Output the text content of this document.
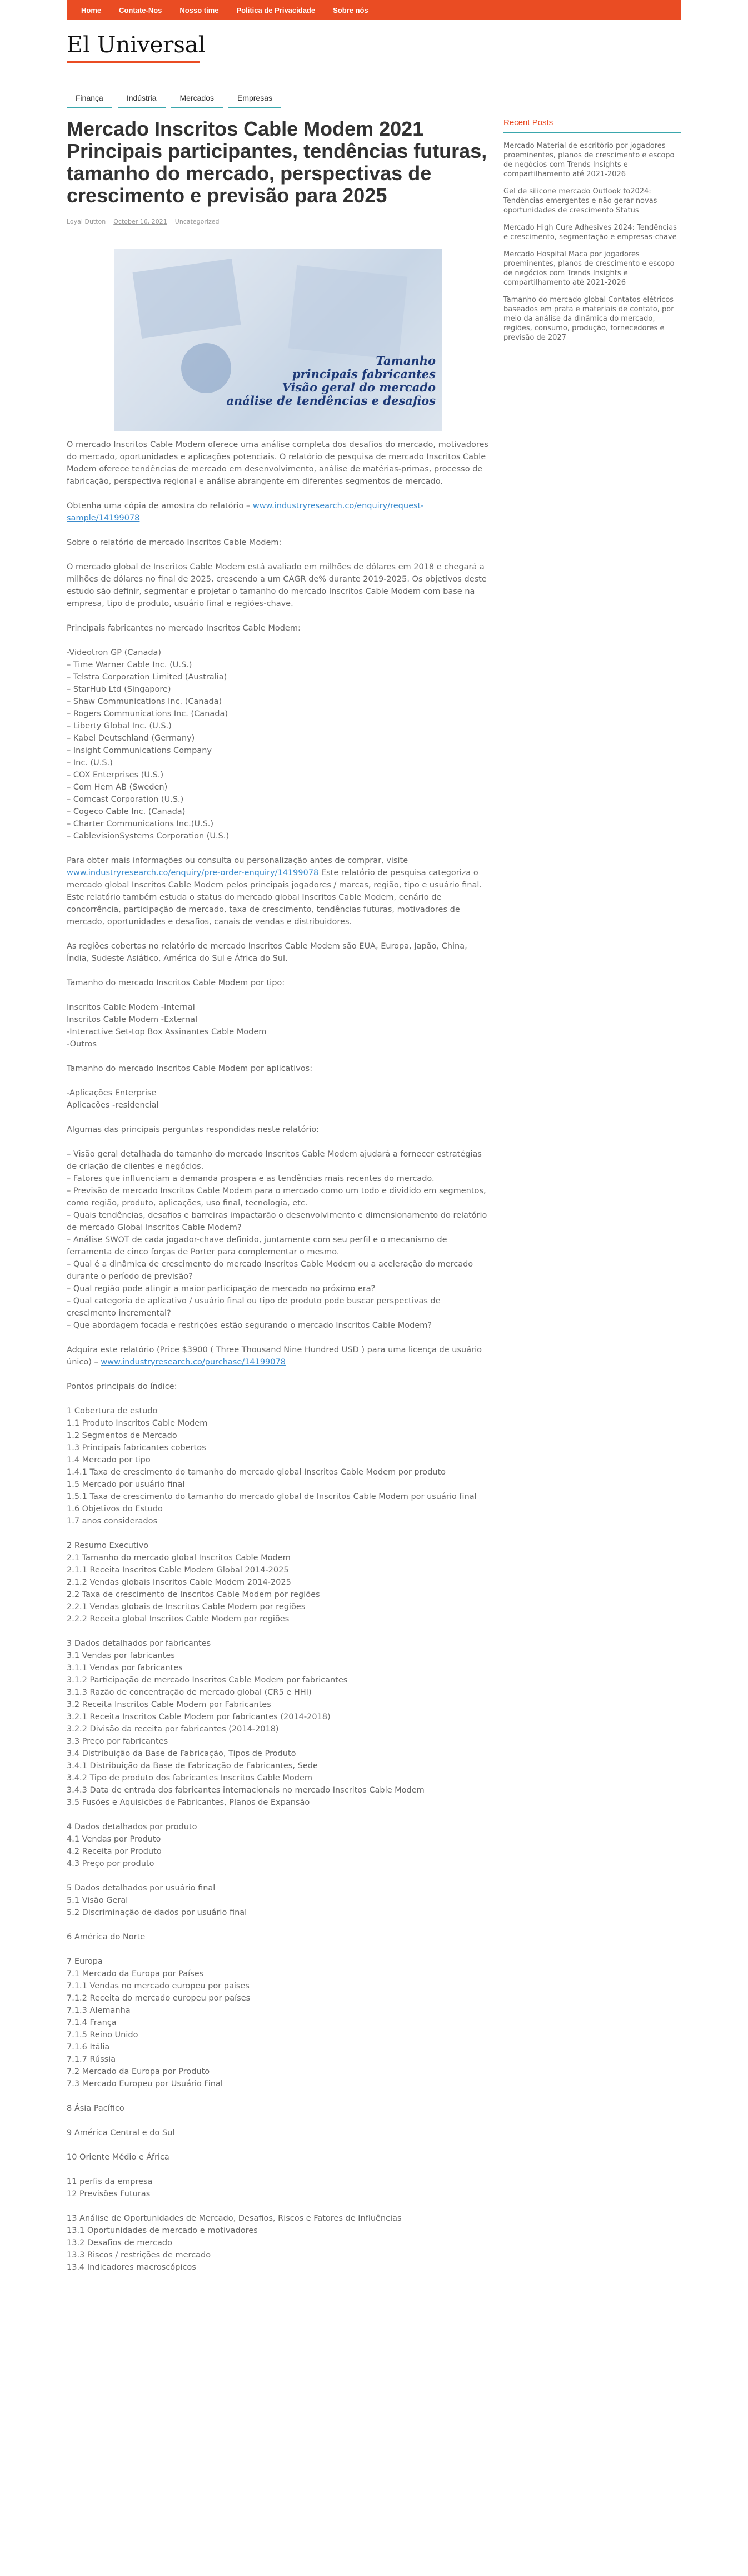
Home	Contate-Nos	Nosso time	Politica de Privacidade	Sobre nós
El Universal
Finança	Indústria	Mercados	Empresas
Mercado Inscritos Cable Modem 2021 Principais participantes, tendências futuras, tamanho do mercado, perspectivas de crescimento e previsão para 2025
Loyal Dutton October 16, 2021 Uncategorized
Tamanho
principais fabricantes
Visão geral do mercado
análise de tendências e desafios

O mercado Inscritos Cable Modem oferece uma análise completa dos desafios do mercado, motivadores do mercado, oportunidades e aplicações potenciais. O relatório de pesquisa de mercado Inscritos Cable Modem oferece tendências de mercado em desenvolvimento, análise de matérias-primas, processo de fabricação, perspectiva regional e análise abrangente em diferentes segmentos de mercado.

Obtenha uma cópia de amostra do relatório – www.industryresearch.co/enquiry/request-sample/14199078

Sobre o relatório de mercado Inscritos Cable Modem:

O mercado global de Inscritos Cable Modem está avaliado em milhões de dólares em 2018 e chegará a milhões de dólares no final de 2025, crescendo a um CAGR de% durante 2019-2025. Os objetivos deste estudo são definir, segmentar e projetar o tamanho do mercado Inscritos Cable Modem com base na empresa, tipo de produto, usuário final e regiões-chave.

Principais fabricantes no mercado Inscritos Cable Modem:

-Videotron GP (Canada)
– Time Warner Cable Inc. (U.S.)
– Telstra Corporation Limited (Australia)
– StarHub Ltd (Singapore)
– Shaw Communications Inc. (Canada)
– Rogers Communications Inc. (Canada)
– Liberty Global Inc. (U.S.)
– Kabel Deutschland (Germany)
– Insight Communications Company
– Inc. (U.S.)
– COX Enterprises (U.S.)
– Com Hem AB (Sweden)
– Comcast Corporation (U.S.)
– Cogeco Cable Inc. (Canada)
– Charter Communications Inc.(U.S.)
– CablevisionSystems Corporation (U.S.)

Para obter mais informações ou consulta ou personalização antes de comprar, visite www.industryresearch.co/enquiry/pre-order-enquiry/14199078 Este relatório de pesquisa categoriza o mercado global Inscritos Cable Modem pelos principais jogadores / marcas, região, tipo e usuário final. Este relatório também estuda o status do mercado global Inscritos Cable Modem, cenário de concorrência, participação de mercado, taxa de crescimento, tendências futuras, motivadores de mercado, oportunidades e desafios, canais de vendas e distribuidores.

As regiões cobertas no relatório de mercado Inscritos Cable Modem são EUA, Europa, Japão, China, Índia, Sudeste Asiático, América do Sul e África do Sul.

Tamanho do mercado Inscritos Cable Modem por tipo:

Inscritos Cable Modem -Internal
Inscritos Cable Modem -External
-Interactive Set-top Box Assinantes Cable Modem
-Outros

Tamanho do mercado Inscritos Cable Modem por aplicativos:

-Aplicações Enterprise
Aplicações -residencial

Algumas das principais perguntas respondidas neste relatório:

– Visão geral detalhada do tamanho do mercado Inscritos Cable Modem ajudará a fornecer estratégias de criação de clientes e negócios.
– Fatores que influenciam a demanda prospera e as tendências mais recentes do mercado.
– Previsão de mercado Inscritos Cable Modem para o mercado como um todo e dividido em segmentos, como região, produto, aplicações, uso final, tecnologia, etc.
– Quais tendências, desafios e barreiras impactarão o desenvolvimento e dimensionamento do relatório de mercado Global Inscritos Cable Modem?
– Análise SWOT de cada jogador-chave definido, juntamente com seu perfil e o mecanismo de ferramenta de cinco forças de Porter para complementar o mesmo.
– Qual é a dinâmica de crescimento do mercado Inscritos Cable Modem ou a aceleração do mercado durante o período de previsão?
– Qual região pode atingir a maior participação de mercado no próximo era?
– Qual categoria de aplicativo / usuário final ou tipo de produto pode buscar perspectivas de crescimento incremental?
– Que abordagem focada e restrições estão segurando o mercado Inscritos Cable Modem?

Adquira este relatório (Price $3900 ( Three Thousand Nine Hundred USD ) para uma licença de usuário único) – www.industryresearch.co/purchase/14199078

Pontos principais do índice:

1 Cobertura de estudo
1.1 Produto Inscritos Cable Modem
1.2 Segmentos de Mercado
1.3 Principais fabricantes cobertos
1.4 Mercado por tipo
1.4.1 Taxa de crescimento do tamanho do mercado global Inscritos Cable Modem por produto
1.5 Mercado por usuário final
1.5.1 Taxa de crescimento do tamanho do mercado global de Inscritos Cable Modem por usuário final
1.6 Objetivos do Estudo
1.7 anos considerados

2 Resumo Executivo
2.1 Tamanho do mercado global Inscritos Cable Modem
2.1.1 Receita Inscritos Cable Modem Global 2014-2025
2.1.2 Vendas globais Inscritos Cable Modem 2014-2025
2.2 Taxa de crescimento de Inscritos Cable Modem por regiões
2.2.1 Vendas globais de Inscritos Cable Modem por regiões
2.2.2 Receita global Inscritos Cable Modem por regiões

3 Dados detalhados por fabricantes
3.1 Vendas por fabricantes
3.1.1 Vendas por fabricantes
3.1.2 Participação de mercado Inscritos Cable Modem por fabricantes
3.1.3 Razão de concentração de mercado global (CR5 e HHI)
3.2 Receita Inscritos Cable Modem por Fabricantes
3.2.1 Receita Inscritos Cable Modem por fabricantes (2014-2018)
3.2.2 Divisão da receita por fabricantes (2014-2018)
3.3 Preço por fabricantes
3.4 Distribuição da Base de Fabricação, Tipos de Produto
3.4.1 Distribuição da Base de Fabricação de Fabricantes, Sede
3.4.2 Tipo de produto dos fabricantes Inscritos Cable Modem
3.4.3 Data de entrada dos fabricantes internacionais no mercado Inscritos Cable Modem
3.5 Fusões e Aquisições de Fabricantes, Planos de Expansão

4 Dados detalhados por produto
4.1 Vendas por Produto
4.2 Receita por Produto
4.3 Preço por produto

5 Dados detalhados por usuário final
5.1 Visão Geral
5.2 Discriminação de dados por usuário final

6 América do Norte

7 Europa
7.1 Mercado da Europa por Países
7.1.1 Vendas no mercado europeu por países
7.1.2 Receita do mercado europeu por países
7.1.3 Alemanha
7.1.4 França
7.1.5 Reino Unido
7.1.6 Itália
7.1.7 Rússia
7.2 Mercado da Europa por Produto
7.3 Mercado Europeu por Usuário Final

8 Ásia Pacífico

9 América Central e do Sul

10 Oriente Médio e África

11 perfis da empresa
12 Previsões Futuras

13 Análise de Oportunidades de Mercado, Desafios, Riscos e Fatores de Influências
13.1 Oportunidades de mercado e motivadores
13.2 Desafios de mercado
13.3 Riscos / restrições de mercado
13.4 Indicadores macroscópicos

Recent Posts
Mercado Material de escritório por jogadores proeminentes, planos de crescimento e escopo de negócios com Trends Insights e compartilhamento até 2021-2026
Gel de silicone mercado Outlook to2024: Tendências emergentes e não gerar novas oportunidades de crescimento Status
Mercado High Cure Adhesives 2024: Tendências e crescimento, segmentação e empresas-chave
Mercado Hospital Maca por jogadores proeminentes, planos de crescimento e escopo de negócios com Trends Insights e compartilhamento até 2021-2026
Tamanho do mercado global Contatos elétricos baseados em prata e materiais de contato, por meio da análise da dinâmica do mercado, regiões, consumo, produção, fornecedores e previsão de 2027
